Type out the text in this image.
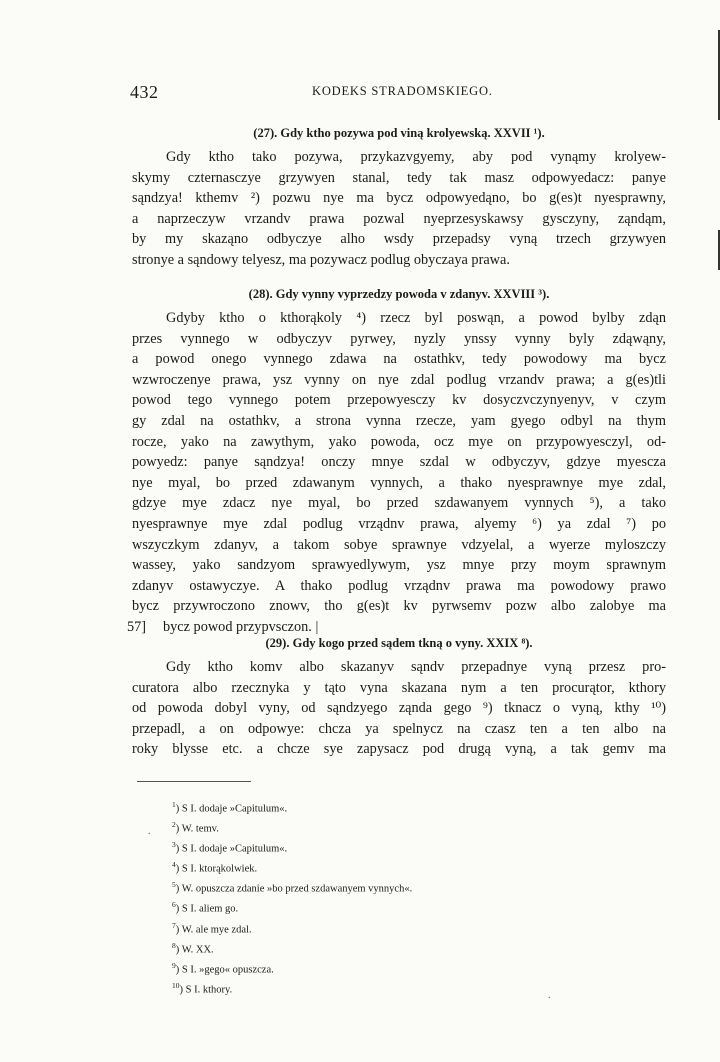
432	KODEKS STRADOMSKIEGO.

(27). Gdy ktho pozywa pod viną krolyewską. XXVII ¹).

Gdy ktho tako pozywa, przykazvgyemy, aby pod vynąmy krolyew-

skymy czternasczye grzywyen stanal, tedy tak masz odpowyedacz: panye

sąndzya! kthemv ²) pozwu nye ma bycz odpowyedąno, bo g(es)t nyesprawny,

a naprzeczyw vrzandv prawa pozwal nyeprzesyskawsy gysczyny, ząndąm,

by my skaząno odbyczye alho wsdy przepadsy vyną trzech grzywyen

stronye a sąndowy telyesz, ma pozywacz podlug obyczaya prawa.

(28). Gdy vynny vyprzedzy powoda v zdanyv. XXVIII ³).

Gdyby ktho o kthorąkoly ⁴) rzecz byl poswąn, a powod bylby zdąn

przes vynnego w odbyczyv pyrwey, nyzly ynssy vynny byly zdąwąny,

a powod onego vynnego zdawa na ostathkv, tedy powodowy ma bycz

wzwroczenye prawa, ysz vynny on nye zdal podlug vrzandv prawa; a g(es)tli

powod tego vynnego potem przepowyesczy kv dosyczvczynyenyv, v czym

gy zdal na ostathkv, a strona vynna rzecze, yam gyego odbyl na thym

rocze, yako na zawythym, yako powoda, ocz mye on przypowyesczyl, od-

powyedz: panye sąndzya! onczy mnye szdal w odbyczyv, gdzye myescza

nye myal, bo przed zdawanym vynnych, a thako nyesprawnye mye zdal,

gdzye mye zdacz nye myal, bo przed szdawanyem vynnych ⁵), a tako

nyesprawnye mye zdal podlug vrządnv prawa, alyemy ⁶) ya zdal ⁷) po

wszyczkym zdanyv, a takom sobye sprawnye vdzyelal, a wyerze myloszczy

wassey, yako sandzyom sprawyedlywym, ysz mnye przy moym sprawnym

zdanyv ostawyczye. A thako podlug vrządnv prawa ma powodowy prawo

bycz przywroczono znowv, tho g(es)t kv pyrwsemv pozw albo zalobye ma

57] bycz powod przypvsczon. |

(29). Gdy kogo przed sądem tkną o vyny. XXIX ⁸).

Gdy ktho komv albo skazanyv sąndv przepadnye vyną przesz pro-

curatora albo rzecznyka y tąto vyna skazana nym a ten procurątor, kthory

od powoda dobyl vyny, od sąndzyego ząnda gego ⁹) tknacz o vyną, kthy ¹⁰)

przepadl, a on odpowye: chcza ya spelnycz na czasz ten a ten albo na

roky blysse etc. a chcze sye zapysacz pod drugą vyną, a tak gemv ma

$^1$) S I. dodaje »Capitulum«.
$^2$) W. temv.
$^3$) S I. dodaje »Capitulum«.
$^4$) S I. ktorąkolwiek.
$^5$) W. opuszcza zdanie »bo przed szdawanyem vynnych«.
$^6$) S I. aliem go.
$^7$) W. ale mye zdal.
$^8$) W. XX.
$^9$) S I. »gego« opuszcza.
$^{10}$) S I. kthory.
.
.
